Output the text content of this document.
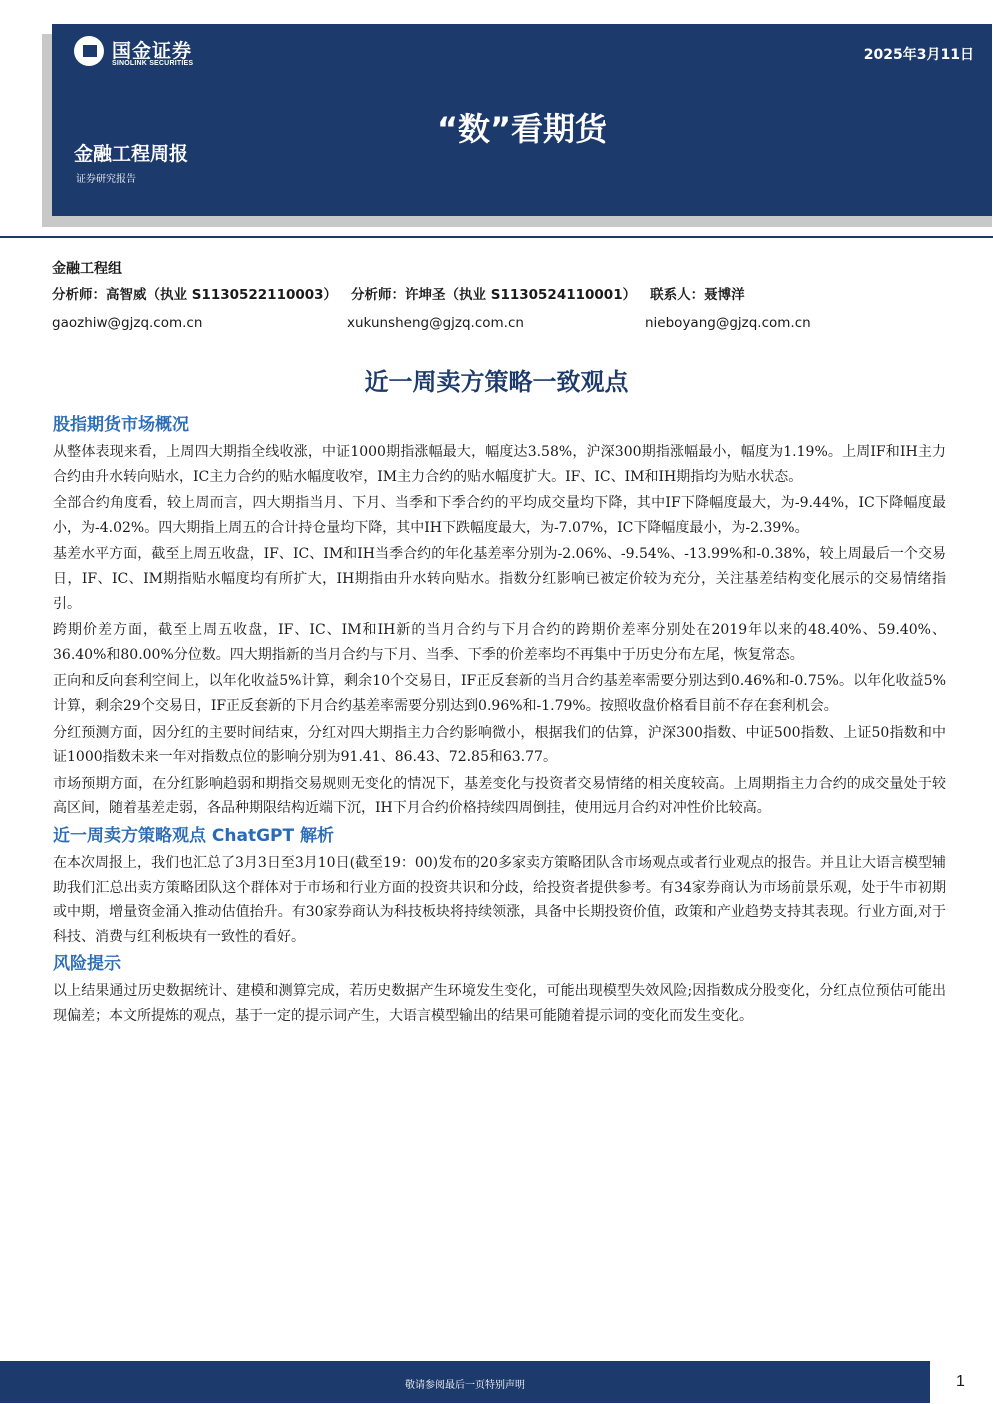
国金证券
SINOLINK SECURITIES
2025年3月11日
“数”看期货
金融工程周报
证券研究报告
金融工程组
分析师：高智威（执业 S1130522110003） 分析师：许坤圣（执业 S1130524110001） 联系人：聂博洋
gaozhiw@gjzq.com.cn	xukunsheng@gjzq.com.cn	nieboyang@gjzq.com.cn
近一周卖方策略一致观点
股指期货市场概况

从整体表现来看，上周四大期指全线收涨，中证1000期指涨幅最大，幅度达3.58%，沪深300期指涨幅最小，幅度为1.19%。上周IF和IH主力合约由升水转向贴水，IC主力合约的贴水幅度收窄，IM主力合约的贴水幅度扩大。IF、IC、IM和IH期指均为贴水状态。

全部合约角度看，较上周而言，四大期指当月、下月、当季和下季合约的平均成交量均下降，其中IF下降幅度最大，为-9.44%，IC下降幅度最小，为-4.02%。四大期指上周五的合计持仓量均下降，其中IH下跌幅度最大，为-7.07%，IC下降幅度最小，为-2.39%。

基差水平方面，截至上周五收盘，IF、IC、IM和IH当季合约的年化基差率分别为-2.06%、-9.54%、-13.99%和-0.38%，较上周最后一个交易日，IF、IC、IM期指贴水幅度均有所扩大，IH期指由升水转向贴水。指数分红影响已被定价较为充分，关注基差结构变化展示的交易情绪指引。

跨期价差方面，截至上周五收盘，IF、IC、IM和IH新的当月合约与下月合约的跨期价差率分别处在2019年以来的48.40%、59.40%、36.40%和80.00%分位数。四大期指新的当月合约与下月、当季、下季的价差率均不再集中于历史分布左尾，恢复常态。

正向和反向套利空间上，以年化收益5%计算，剩余10个交易日，IF正反套新的当月合约基差率需要分别达到0.46%和-0.75%。以年化收益5%计算，剩余29个交易日，IF正反套新的下月合约基差率需要分别达到0.96%和-1.79%。按照收盘价格看目前不存在套利机会。

分红预测方面，因分红的主要时间结束，分红对四大期指主力合约影响微小，根据我们的估算，沪深300指数、中证500指数、上证50指数和中证1000指数未来一年对指数点位的影响分别为91.41、86.43、72.85和63.77。

市场预期方面，在分红影响趋弱和期指交易规则无变化的情况下，基差变化与投资者交易情绪的相关度较高。上周期指主力合约的成交量处于较高区间，随着基差走弱，各品种期限结构近端下沉，IH下月合约价格持续四周倒挂，使用远月合约对冲性价比较高。

近一周卖方策略观点 ChatGPT 解析

在本次周报上，我们也汇总了3月3日至3月10日(截至19：00)发布的20多家卖方策略团队含市场观点或者行业观点的报告。并且让大语言模型辅助我们汇总出卖方策略团队这个群体对于市场和行业方面的投资共识和分歧，给投资者提供参考。有34家券商认为市场前景乐观，处于牛市初期或中期，增量资金涌入推动估值抬升。有30家券商认为科技板块将持续领涨，具备中长期投资价值，政策和产业趋势支持其表现。行业方面,对于科技、消费与红利板块有一致性的看好。

风险提示

以上结果通过历史数据统计、建模和测算完成，若历史数据产生环境发生变化，可能出现模型失效风险;因指数成分股变化，分红点位预估可能出现偏差；本文所提炼的观点，基于一定的提示词产生，大语言模型输出的结果可能随着提示词的变化而发生变化。

敬请参阅最后一页特别声明	1
